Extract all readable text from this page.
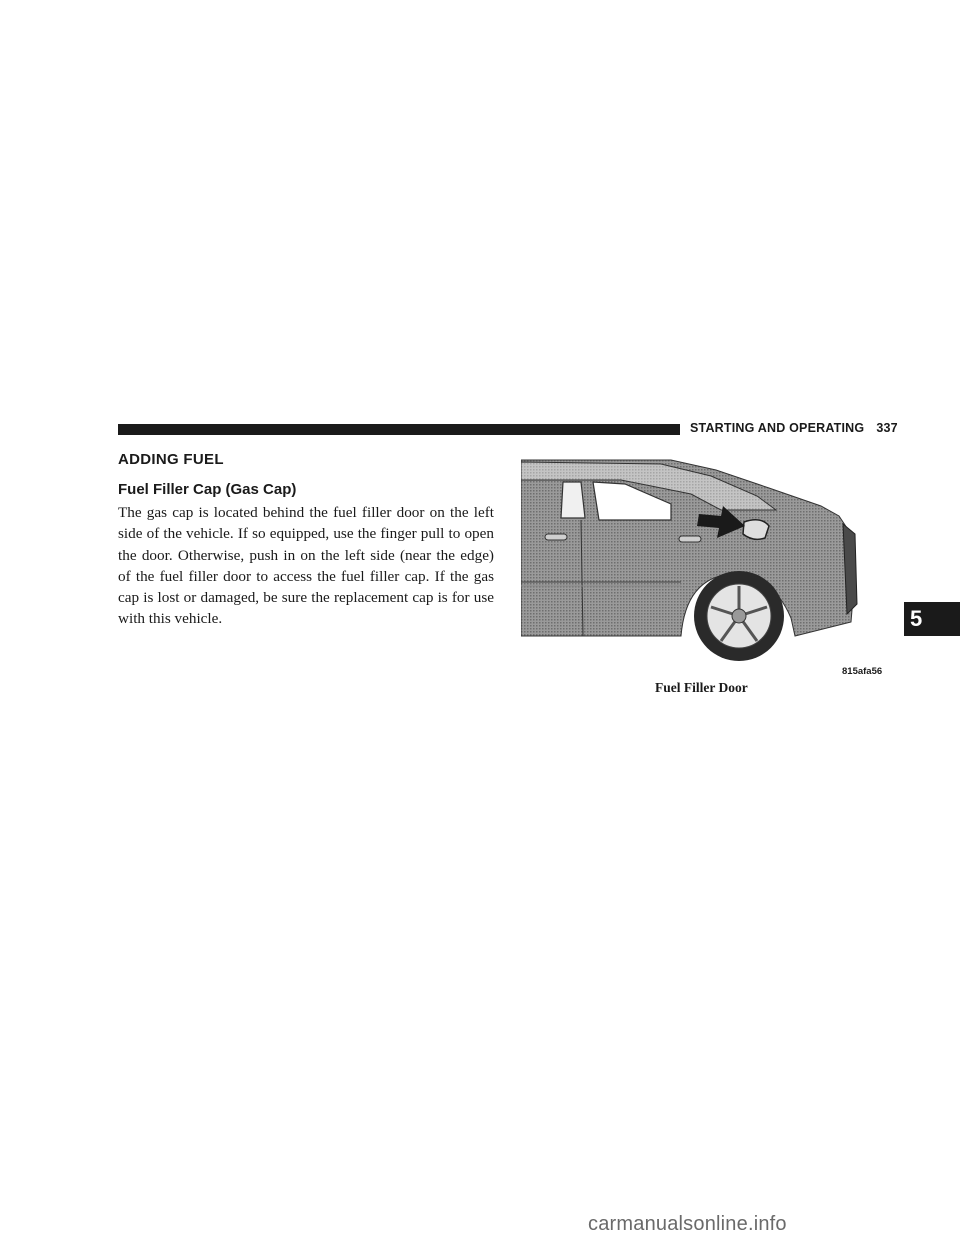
STARTING AND OPERATING 337
ADDING FUEL
Fuel Filler Cap (Gas Cap)

The gas cap is located behind the fuel filler door on the left side of the vehicle. If so equipped, use the finger pull to open the door. Otherwise, push in on the left side (near the edge) of the fuel filler door to access the fuel filler cap. If the gas cap is lost or damaged, be sure the replacement cap is for use with this vehicle.

815afa56
Fuel Filler Door
5
carmanualsonline.info
